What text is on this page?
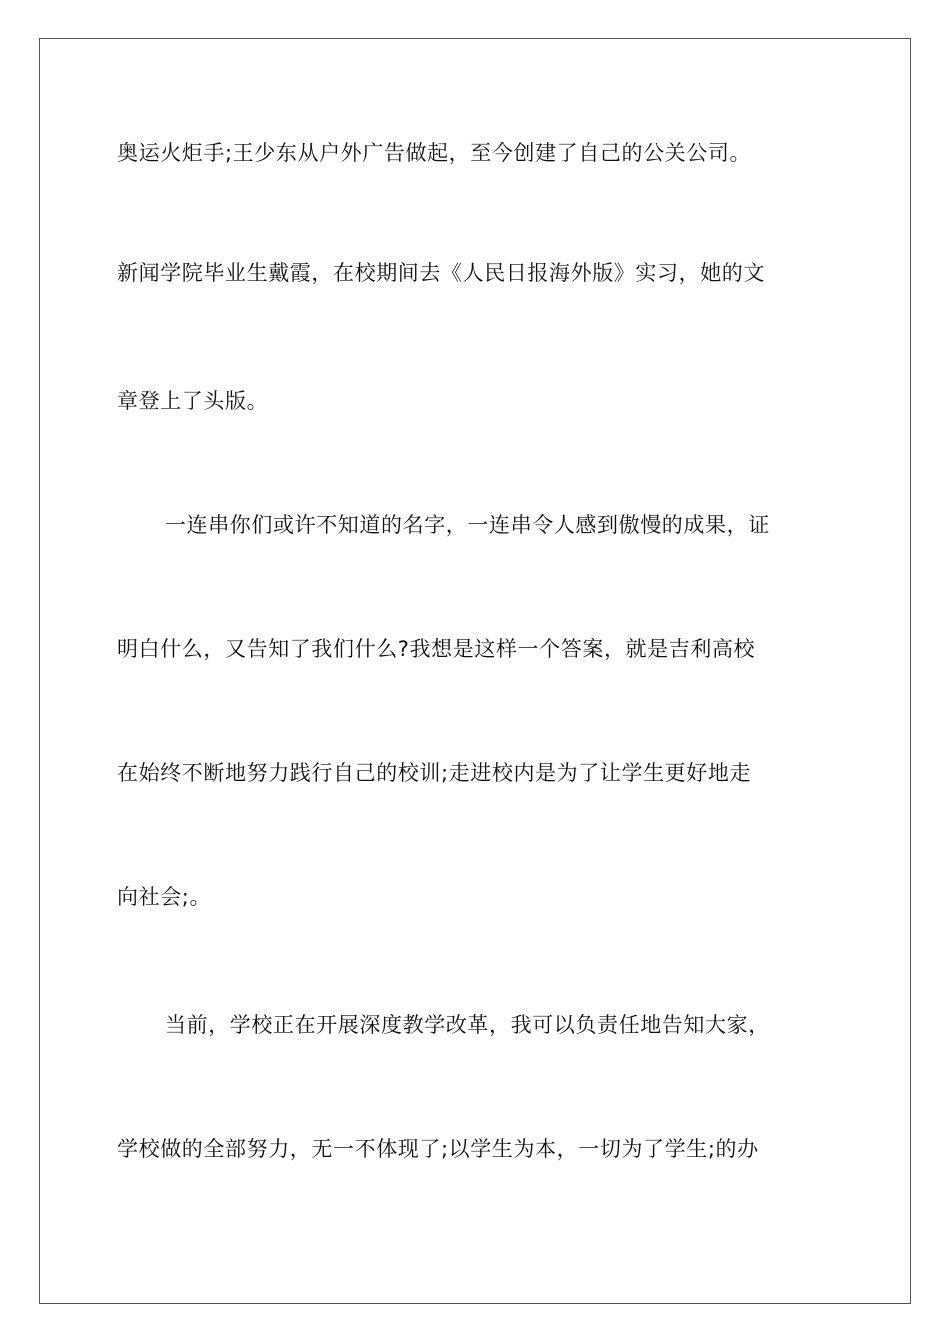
奥运火炬手;王少东从户外广告做起，至今创建了自己的公关公司。
新闻学院毕业生戴霞，在校期间去《人民日报海外版》实习，她的文
章登上了头版。
一连串你们或许不知道的名字，一连串令人感到傲慢的成果，证
明白什么，又告知了我们什么?我想是这样一个答案，就是吉利高校
在始终不断地努力践行自己的校训;走进校内是为了让学生更好地走
向社会;。
当前，学校正在开展深度教学改革，我可以负责任地告知大家，
学校做的全部努力，无一不体现了;以学生为本，一切为了学生;的办
